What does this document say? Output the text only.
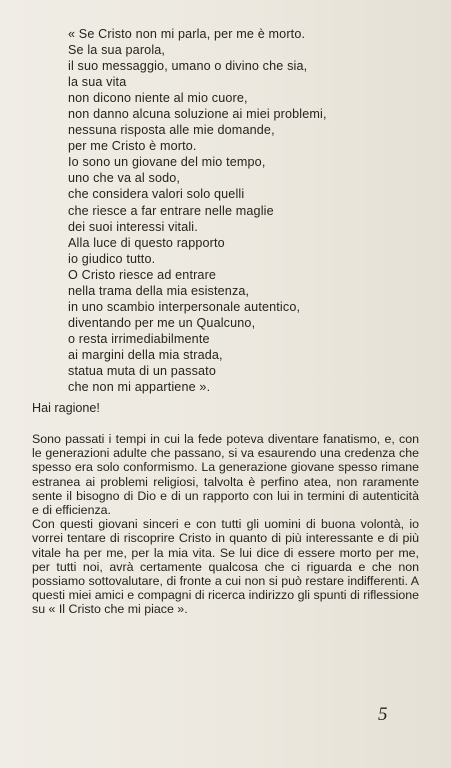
« Se Cristo non mi parla, per me è morto.
Se la sua parola,
il suo messaggio, umano o divino che sia,
la sua vita
non dicono niente al mio cuore,
non danno alcuna soluzione ai miei problemi,
nessuna risposta alle mie domande,
per me Cristo è morto.
Io sono un giovane del mio tempo,
uno che va al sodo,
che considera valori solo quelli
che riesce a far entrare nelle maglie
dei suoi interessi vitali.
Alla luce di questo rapporto
io giudico tutto.
O Cristo riesce ad entrare
nella trama della mia esistenza,
in uno scambio interpersonale autentico,
diventando per me un Qualcuno,
o resta irrimediabilmente
ai margini della mia strada,
statua muta di un passato
che non mi appartiene ».
Hai ragione!

Sono passati i tempi in cui la fede poteva diventare fanatismo, e, con le generazioni adulte che passano, si va esaurendo una credenza che spesso era solo conformismo. La generazione giovane spesso rimane estranea ai problemi religiosi, talvolta è perfino atea, non raramente sente il bisogno di Dio e di un rapporto con lui in termini di autenticità e di efficienza.

Con questi giovani sinceri e con tutti gli uomini di buona volontà, io vorrei tentare di riscoprire Cristo in quanto di più interessante e di più vitale ha per me, per la mia vita. Se lui dice di essere morto per me, per tutti noi, avrà certamente qualcosa che ci riguarda e che non possiamo sottovalutare, di fronte a cui non si può restare indifferenti. A questi miei amici e compagni di ricerca indirizzo gli spunti di riflessione su « Il Cristo che mi piace ».

5
